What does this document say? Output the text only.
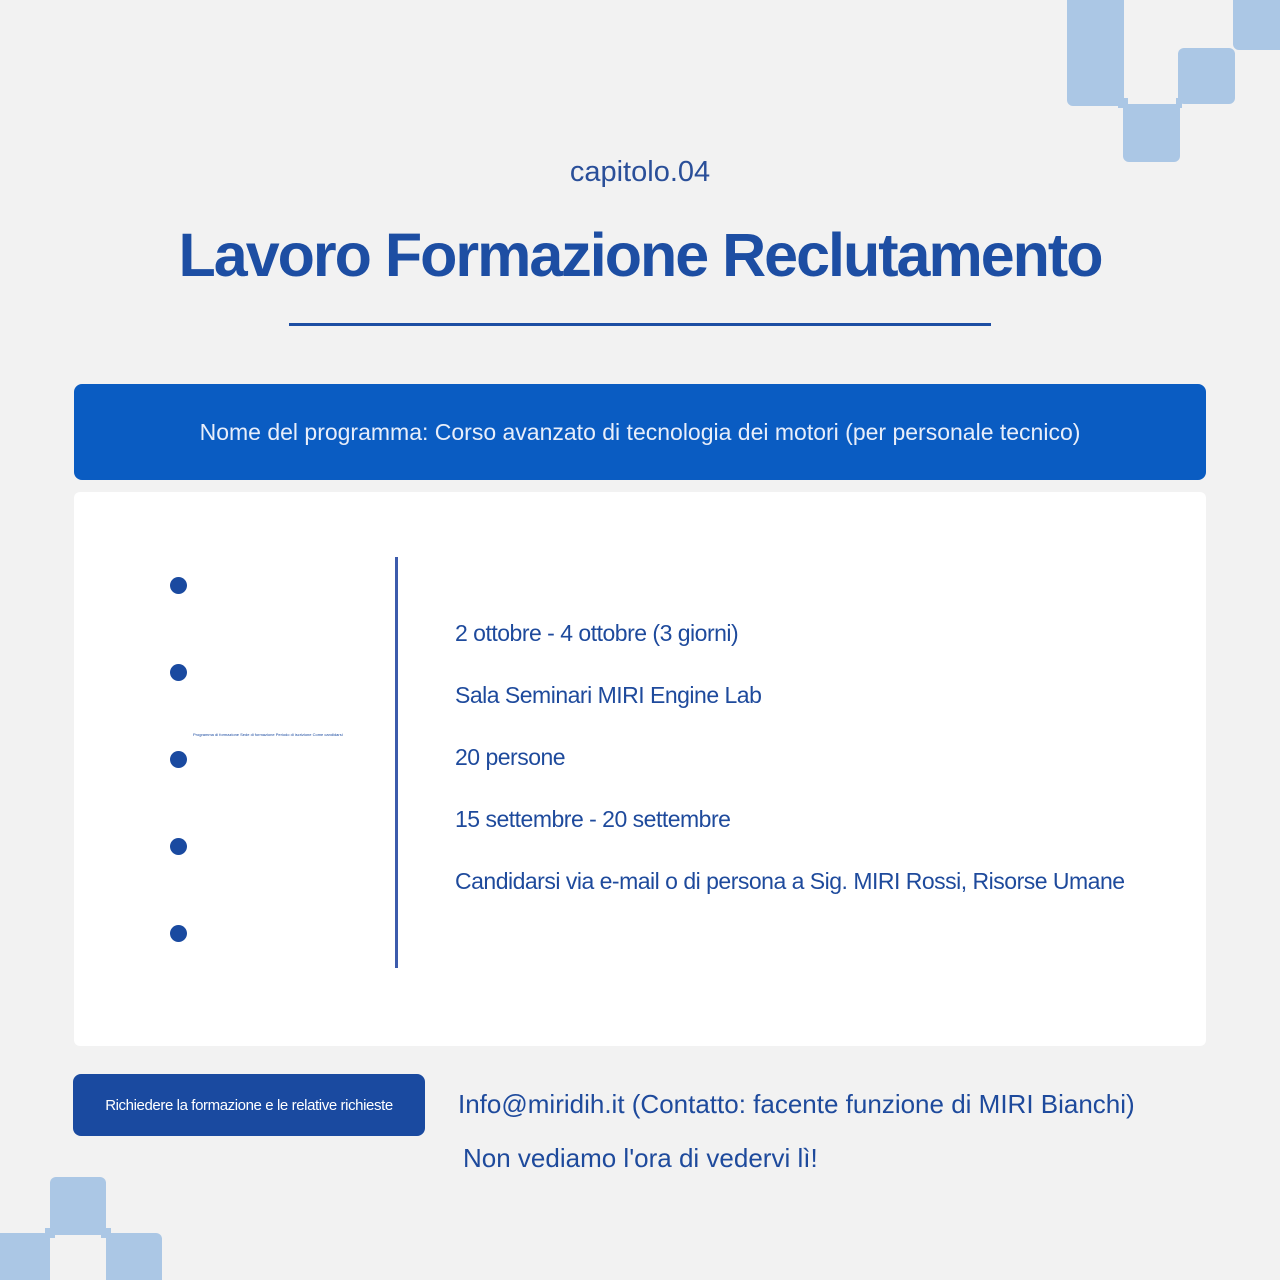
capitolo.04
Lavoro Formazione Reclutamento
Nome del programma: Corso avanzato di tecnologia dei motori (per personale tecnico)
Programma di formazione Sede di formazione Periodo di iscrizione Come candidarsi
2 ottobre - 4 ottobre (3 giorni)
Sala Seminari MIRI Engine Lab
20 persone
15 settembre - 20 settembre
Candidarsi via e-mail o di persona a Sig. MIRI Rossi, Risorse Umane
Richiedere la formazione e le relative richieste	Info@miridih.it (Contatto: facente funzione di MIRI Bianchi)
Non vediamo l'ora di vedervi lì!
